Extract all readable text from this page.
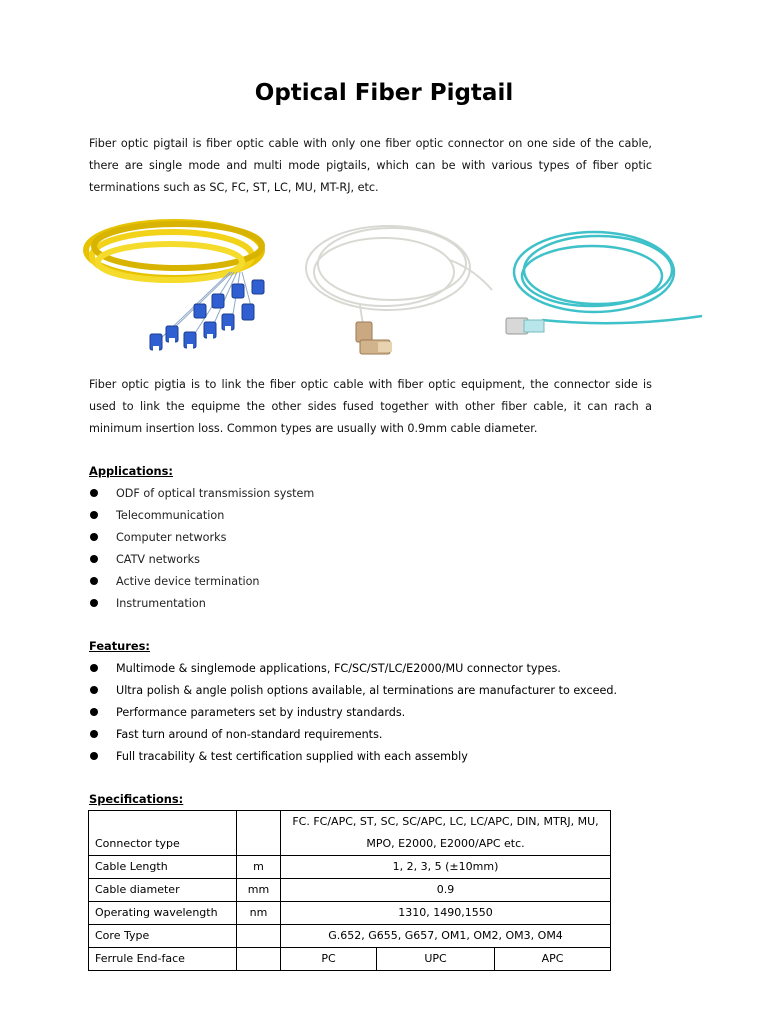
Optical Fiber Pigtail

Fiber optic pigtail is fiber optic cable with only one fiber optic connector on one side of the cable, there are single mode and multi mode pigtails, which can be with various types of fiber optic terminations such as SC, FC, ST, LC, MU, MT-RJ, etc.

Fiber optic pigtia is to link the fiber optic cable with fiber optic equipment, the connector side is used to link the equipme the other sides fused together with other fiber cable, it can rach a minimum insertion loss. Common types are usually with 0.9mm cable diameter.

Applications:

ODF of optical transmission system
Telecommunication
Computer networks
CATV networks
Active device termination
Instrumentation

Features:

Multimode & singlemode applications, FC/SC/ST/LC/E2000/MU connector types.
Ultra polish & angle polish options available, al terminations are manufacturer to exceed.
Performance parameters set by industry standards.
Fast turn around of non-standard requirements.
Full tracability & test certification supplied with each assembly

Specifications:

Connector type		FC. FC/APC, ST, SC, SC/APC, LC, LC/APC, DIN, MTRJ, MU,
MPO, E2000, E2000/APC etc.		

Cable Length	m	1, 2, 3, 5 (±10mm)		
Cable diameter	mm	0.9		
Operating wavelength	nm	1310, 1490,1550		
Core Type		G.652, G655, G657, OM1, OM2, OM3, OM4		
Ferrule End-face		PC	UPC	APC
